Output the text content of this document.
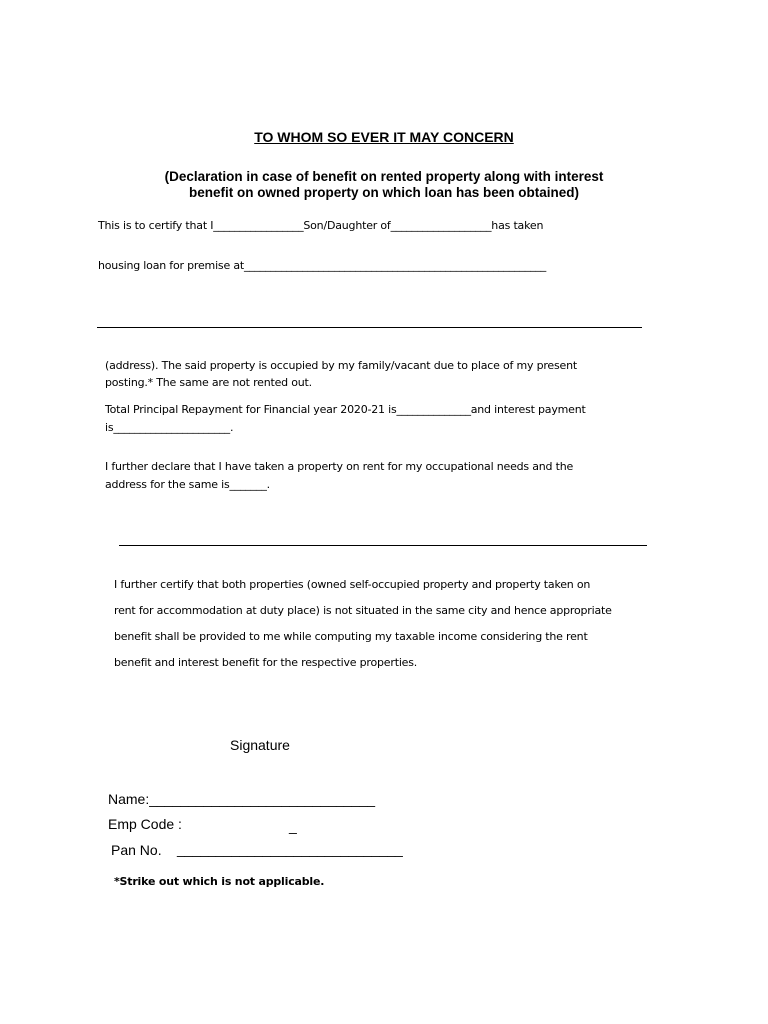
TO WHOM SO EVER IT MAY CONCERN
(Declaration in case of benefit on rented property along with interest
benefit on owned property on which loan has been obtained)
This is to certify that I_________________Son/Daughter of___________________has taken
housing loan for premise at_________________________________________________________
(address). The said property is occupied by my family/vacant due to place of my present
posting.* The same are not rented out.
Total Principal Repayment for Financial year 2020-21 is______________and interest payment
is______________________.
I further declare that I have taken a property on rent for my occupational needs and the
address for the same is_______.
I further certify that both properties (owned self-occupied property and property taken on
rent for accommodation at duty place) is not situated in the same city and hence appropriate
benefit shall be provided to me while computing my taxable income considering the rent
benefit and interest benefit for the respective properties.
Signature
Name:_____________________________
Emp Code :	_
Pan No. _____________________________
*Strike out which is not applicable.
